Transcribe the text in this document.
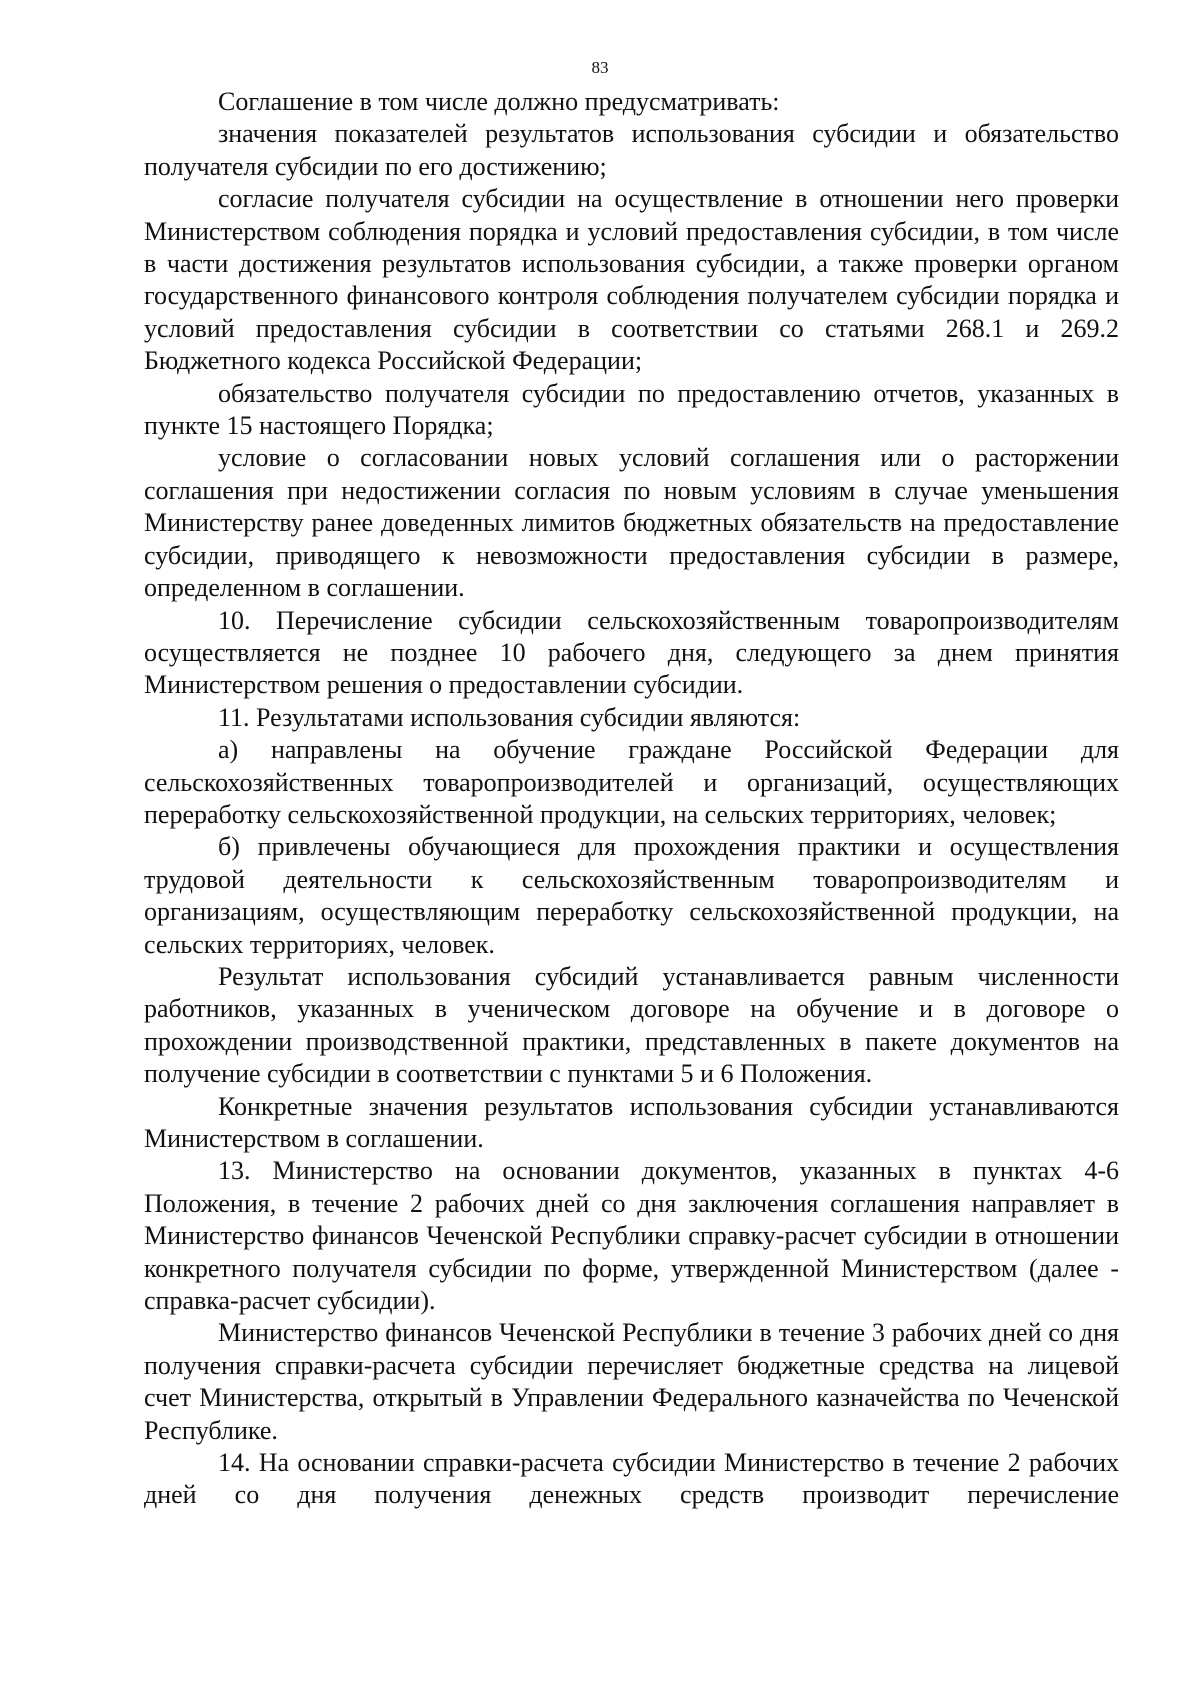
83

Соглашение в том числе должно предусматривать:

значения показателей результатов использования субсидии и обязательство получателя субсидии по его достижению;

согласие получателя субсидии на осуществление в отношении него проверки Министерством соблюдения порядка и условий предоставления субсидии, в том числе в части достижения результатов использования субсидии, а также проверки органом государственного финансового контроля соблюдения получателем субсидии порядка и условий предоставления субсидии в соответствии со статьями 268.1 и 269.2 Бюджетного кодекса Российской Федерации;

обязательство получателя субсидии по предоставлению отчетов, указанных в пункте 15 настоящего Порядка;

условие о согласовании новых условий соглашения или о расторжении соглашения при недостижении согласия по новым условиям в случае уменьшения Министерству ранее доведенных лимитов бюджетных обязательств на предоставление субсидии, приводящего к невозможности предоставления субсидии в размере, определенном в соглашении.

10. Перечисление субсидии сельскохозяйственным товаропроизводителям осуществляется не позднее 10 рабочего дня, следующего за днем принятия Министерством решения о предоставлении субсидии.

11. Результатами использования субсидии являются:

а) направлены на обучение граждане Российской Федерации для сельскохозяйственных товаропроизводителей и организаций, осуществляющих переработку сельскохозяйственной продукции, на сельских территориях, человек;

б) привлечены обучающиеся для прохождения практики и осуществления трудовой деятельности к сельскохозяйственным товаропроизводителям и организациям, осуществляющим переработку сельскохозяйственной продукции, на сельских территориях, человек.

Результат использования субсидий устанавливается равным численности работников, указанных в ученическом договоре на обучение и в договоре о прохождении производственной практики, представленных в пакете документов на получение субсидии в соответствии с пунктами 5 и 6 Положения.

Конкретные значения результатов использования субсидии устанавливаются Министерством в соглашении.

13. Министерство на основании документов, указанных в пунктах 4-6 Положения, в течение 2 рабочих дней со дня заключения соглашения направляет в Министерство финансов Чеченской Республики справку-расчет субсидии в отношении конкретного получателя субсидии по форме, утвержденной Министерством (далее - справка-расчет субсидии).

Министерство финансов Чеченской Республики в течение 3 рабочих дней со дня получения справки-расчета субсидии перечисляет бюджетные средства на лицевой счет Министерства, открытый в Управлении Федерального казначейства по Чеченской Республике.

14. На основании справки-расчета субсидии Министерство в течение 2 рабочих дней со дня получения денежных средств производит перечисление
